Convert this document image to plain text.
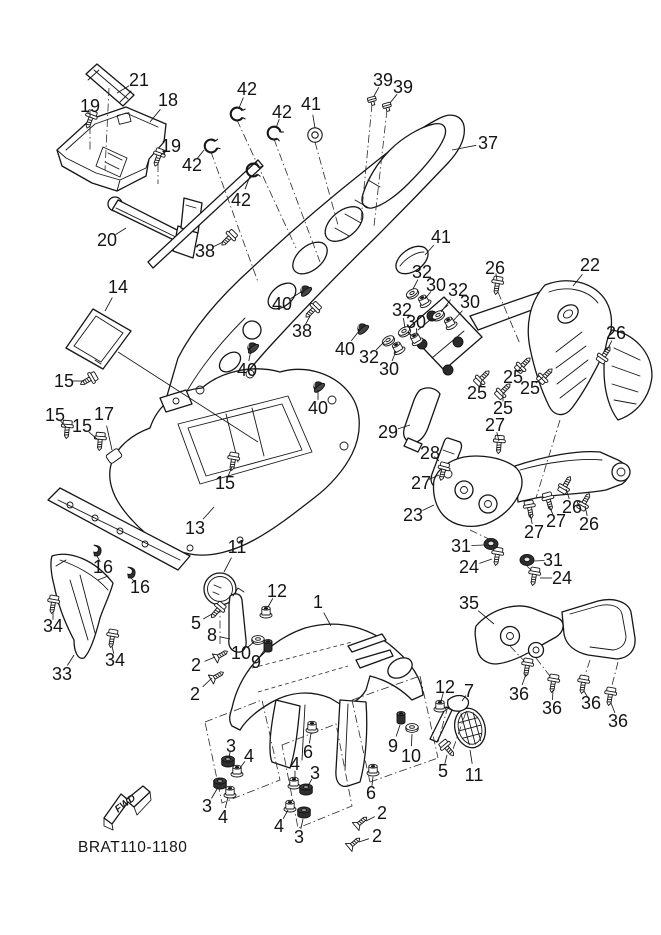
FWD
21
18
19
19
42
42 41
42
42
39 39
37
38
20
14
41
22
26
32
30 32
30
32
30
40
38
40 32
30
40
40
15
15
15
17
15
26
25
25
25
25
29	27
28
27
23	26
27 26
27
31
24	31
24
13
16
16
11
12
1
5
8
10 9
2
2
34
33
34
35
36
36 36
36
12 7
9 10
5 11
3 4
3
4
6
4 3
4
3
6
2
2
BRAT110-1180
